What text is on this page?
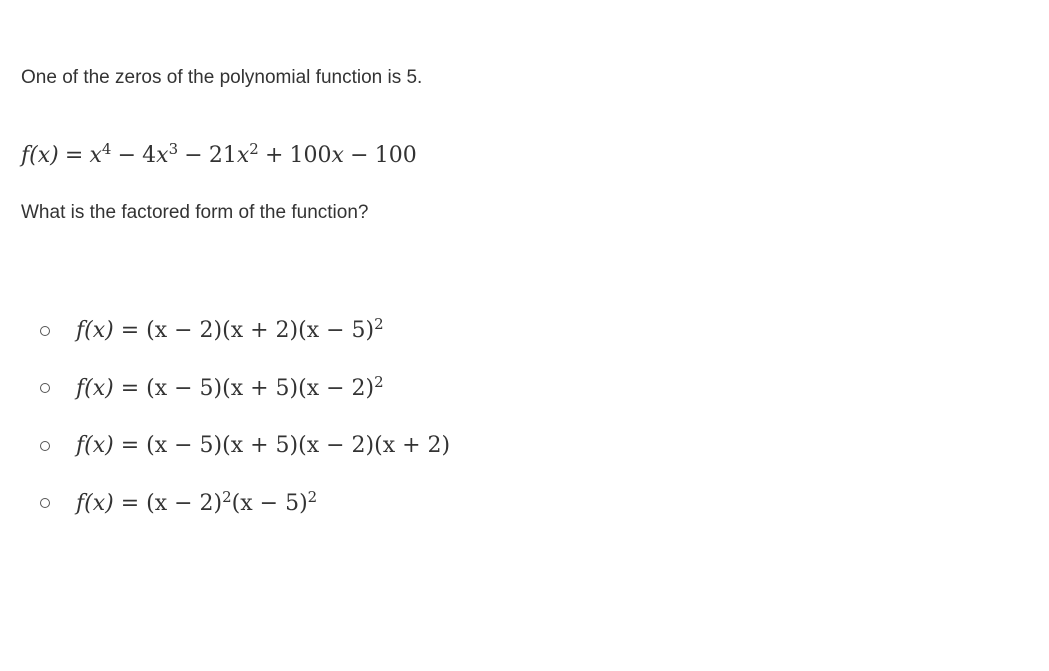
One of the zeros of the polynomial function is 5.
$f(x) = x^4 - 4x^3 - 21x^2 + 100x - 100$
What is the factored form of the function?
$f(x) = (x - 2)(x + 2)(x - 5)^2$
$f(x) = (x - 5)(x + 5)(x - 2)^2$
f(x) = (x − 5)(x + 5)(x − 2)(x + 2)
$f(x) = (x - 2)^2(x - 5)^2$
